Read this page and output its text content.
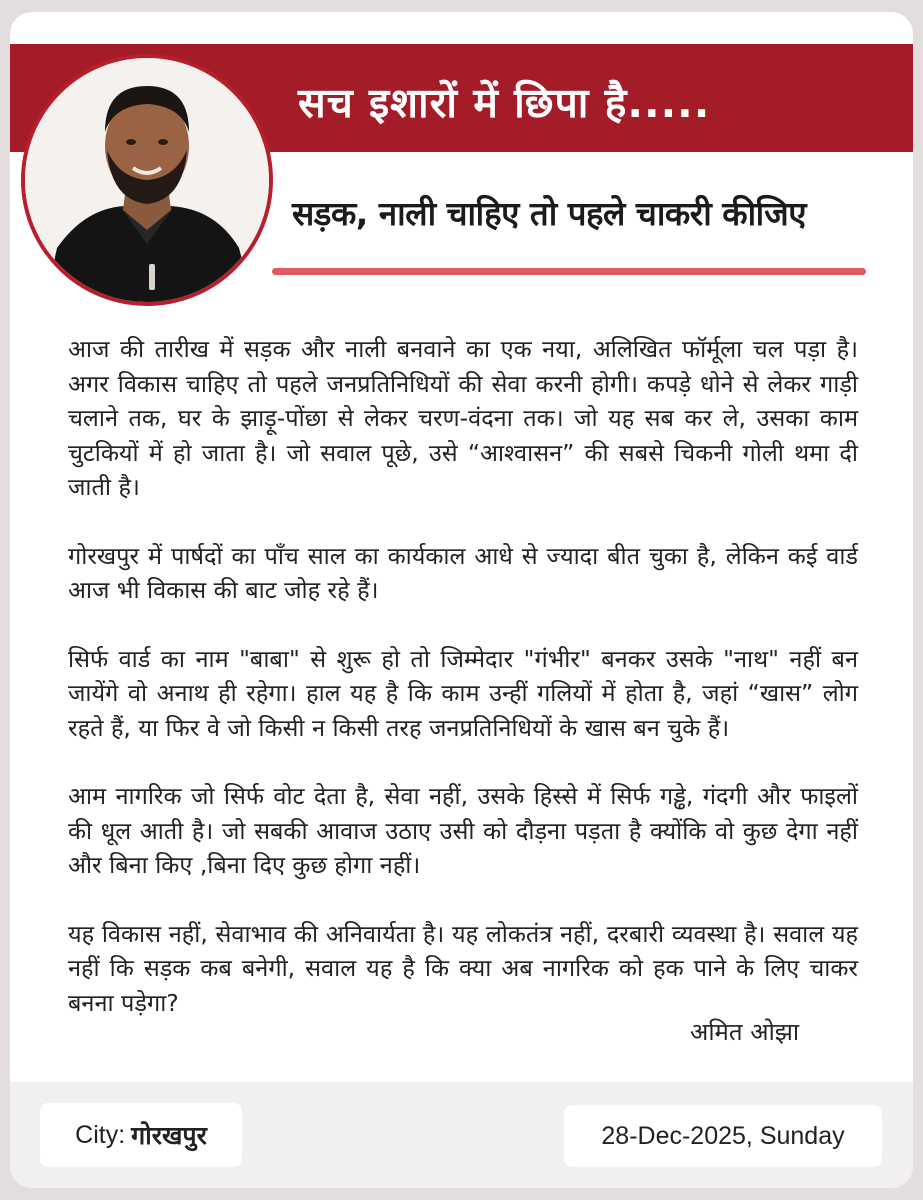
सच इशारों में छिपा है.....
सड़क, नाली चाहिए तो पहले चाकरी कीजिए

आज की तारीख में सड़क और नाली बनवाने का एक नया, अलिखित फॉर्मूला चल पड़ा है। अगर विकास चाहिए तो पहले जनप्रतिनिधियों की सेवा करनी होगी। कपड़े धोने से लेकर गाड़ी चलाने तक, घर के झाड़ू-पोंछा से लेकर चरण-वंदना तक। जो यह सब कर ले, उसका काम चुटकियों में हो जाता है। जो सवाल पूछे, उसे “आश्वासन” की सबसे चिकनी गोली थमा दी जाती है।

गोरखपुर में पार्षदों का पाँच साल का कार्यकाल आधे से ज्यादा बीत चुका है, लेकिन कई वार्ड आज भी विकास की बाट जोह रहे हैं।

सिर्फ वार्ड का नाम "बाबा" से शुरू हो तो जिम्मेदार "गंभीर" बनकर उसके "नाथ" नहीं बन जायेंगे वो अनाथ ही रहेगा। हाल यह है कि काम उन्हीं गलियों में होता है, जहां “खास” लोग रहते हैं, या फिर वे जो किसी न किसी तरह जनप्रतिनिधियों के खास बन चुके हैं।

आम नागरिक जो सिर्फ वोट देता है, सेवा नहीं, उसके हिस्से में सिर्फ गड्ढे, गंदगी और फाइलों की धूल आती है। जो सबकी आवाज उठाए उसी को दौड़ना पड़ता है क्योंकि वो कुछ देगा नहीं और बिना किए ,बिना दिए कुछ होगा नहीं।

यह विकास नहीं, सेवाभाव की अनिवार्यता है। यह लोकतंत्र नहीं, दरबारी व्यवस्था है। सवाल यह नहीं कि सड़क कब बनेगी, सवाल यह है कि क्या अब नागरिक को हक पाने के लिए चाकर बनना पड़ेगा?

अमित ओझा
City: गोरखपुर	28-Dec-2025, Sunday
